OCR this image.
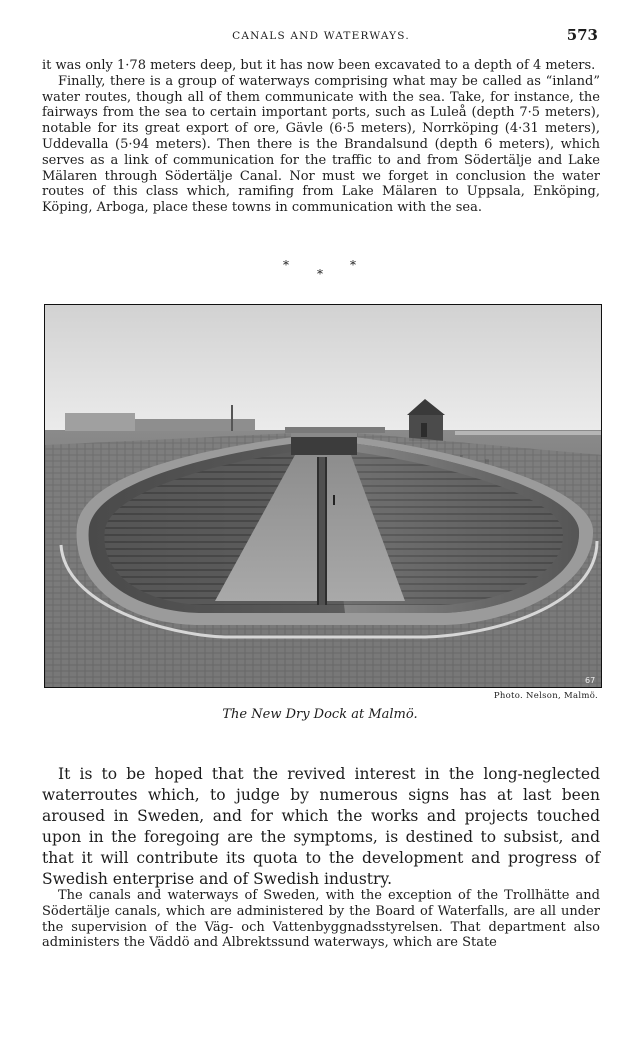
CANALS AND WATERWAYS.	573

it was only 1·78 meters deep, but it has now been excavated to a depth of 4 meters.

Finally, there is a group of waterways comprising what may be called as “inland” water routes, though all of them communicate with the sea. Take, for instance, the fairways from the sea to certain important ports, such as Luleå (depth 7·5 meters), notable for its great export of ore, Gävle (6·5 meters), Norrköping (4·31 meters), Uddevalla (5·94 meters). Then there is the Brandalsund (depth 6 meters), which serves as a link of communication for the traffic to and from Södertälje and Lake Mälaren through Södertälje Canal. Nor must we forget in conclusion the water routes of this class which, ramifing from Lake Mälaren to Uppsala, Enköping, Köping, Arboga, place these towns in communication with the sea.

*	*
*
67
Photo. Nelson, Malmö.
The New Dry Dock at Malmö.

It is to be hoped that the revived interest in the long-neglected waterroutes which, to judge by numerous signs has at last been aroused in Sweden, and for which the works and projects touched upon in the foregoing are the symptoms, is destined to subsist, and that it will contribute its quota to the development and progress of Swedish enterprise and of Swedish industry.

The canals and waterways of Sweden, with the exception of the Trollhätte and Södertälje canals, which are administered by the Board of Waterfalls, are all under the supervision of the Väg- och Vattenbyggnadsstyrelsen. That department also administers the Väddö and Albrektssund waterways, which are State
